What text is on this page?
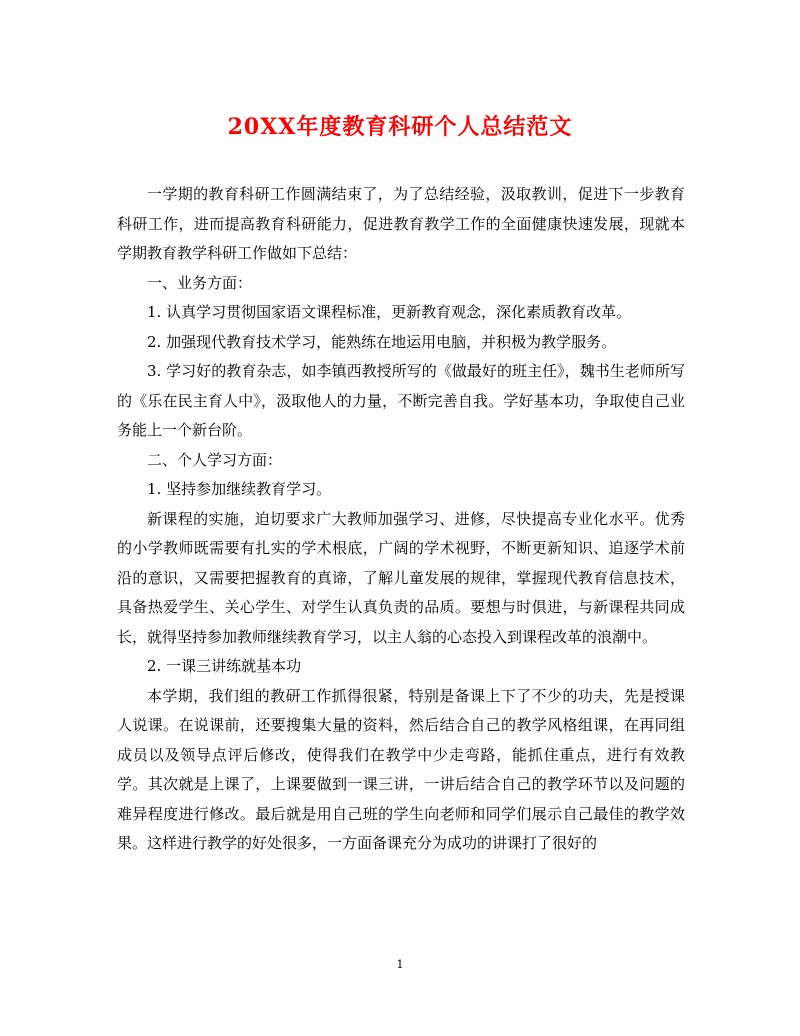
20XX年度教育科研个人总结范文

一学期的教育科研工作圆满结束了，为了总结经验，汲取教训，促进下一步教育科研工作，进而提高教育科研能力，促进教育教学工作的全面健康快速发展，现就本学期教育教学科研工作做如下总结：

一、业务方面：

1. 认真学习贯彻国家语文课程标准，更新教育观念，深化素质教育改革。

2. 加强现代教育技术学习，能熟练在地运用电脑，并积极为教学服务。

3. 学习好的教育杂志，如李镇西教授所写的《做最好的班主任》，魏书生老师所写的《乐在民主育人中》，汲取他人的力量，不断完善自我。学好基本功，争取使自己业务能上一个新台阶。

二、个人学习方面：

1. 坚持参加继续教育学习。

新课程的实施，迫切要求广大教师加强学习、进修，尽快提高专业化水平。优秀的小学教师既需要有扎实的学术根底，广阔的学术视野，不断更新知识、追逐学术前沿的意识，又需要把握教育的真谛，了解儿童发展的规律，掌握现代教育信息技术，具备热爱学生、关心学生、对学生认真负责的品质。要想与时俱进，与新课程共同成长，就得坚持参加教师继续教育学习，以主人翁的心态投入到课程改革的浪潮中。

2. 一课三讲练就基本功

本学期，我们组的教研工作抓得很紧，特别是备课上下了不少的功夫，先是授课人说课。在说课前，还要搜集大量的资料，然后结合自己的教学风格组课，在再同组成员以及领导点评后修改，使得我们在教学中少走弯路，能抓住重点，进行有效教学。其次就是上课了，上课要做到一课三讲，一讲后结合自己的教学环节以及问题的难异程度进行修改。最后就是用自己班的学生向老师和同学们展示自己最佳的教学效果。这样进行教学的好处很多，一方面备课充分为成功的讲课打了很好的

1
